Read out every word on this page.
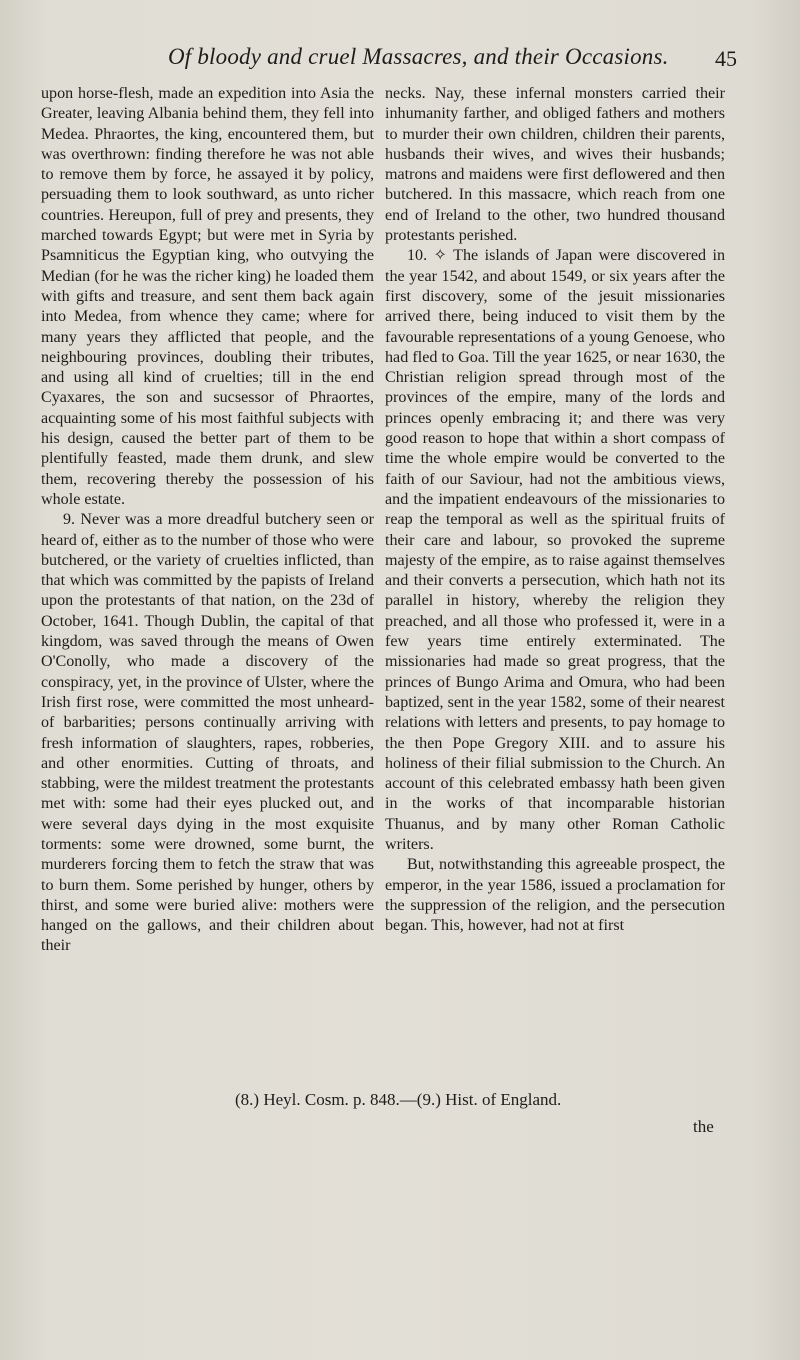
Of bloody and cruel Massacres, and their Occasions.	45

upon horse-flesh, made an expedition into Asia the Greater, leaving Albania behind them, they fell into Medea. Phraortes, the king, encountered them, but was overthrown: finding therefore he was not able to remove them by force, he assayed it by policy, persuading them to look southward, as unto richer countries. Hereupon, full of prey and presents, they marched towards Egypt; but were met in Syria by Psamniticus the Egyptian king, who outvying the Median (for he was the richer king) he loaded them with gifts and treasure, and sent them back again into Medea, from whence they came; where for many years they afflicted that people, and the neighbouring provinces, doubling their tributes, and using all kind of cruelties; till in the end Cyaxares, the son and sucsessor of Phraortes, acquainting some of his most faithful subjects with his design, caused the better part of them to be plentifully feasted, made them drunk, and slew them, recovering thereby the possession of his whole estate.

9. Never was a more dreadful butchery seen or heard of, either as to the number of those who were butchered, or the variety of cruelties inflicted, than that which was committed by the papists of Ireland upon the protestants of that nation, on the 23d of October, 1641. Though Dublin, the capital of that kingdom, was saved through the means of Owen O'Conolly, who made a discovery of the conspiracy, yet, in the province of Ulster, where the Irish first rose, were committed the most unheard-of barbarities; persons continually arriving with fresh information of slaughters, rapes, robberies, and other enormities. Cutting of throats, and stabbing, were the mildest treatment the protestants met with: some had their eyes plucked out, and were several days dying in the most exquisite torments: some were drowned, some burnt, the murderers forcing them to fetch the straw that was to burn them. Some perished by hunger, others by thirst, and some were buried alive: mothers were hanged on the gallows, and their children about their

necks. Nay, these infernal monsters carried their inhumanity farther, and obliged fathers and mothers to murder their own children, children their parents, husbands their wives, and wives their husbands; matrons and maidens were first deflowered and then butchered. In this massacre, which reach from one end of Ireland to the other, two hundred thousand protestants perished.

10. ✧ The islands of Japan were discovered in the year 1542, and about 1549, or six years after the first discovery, some of the jesuit missionaries arrived there, being induced to visit them by the favourable representations of a young Genoese, who had fled to Goa. Till the year 1625, or near 1630, the Christian religion spread through most of the provinces of the empire, many of the lords and princes openly embracing it; and there was very good reason to hope that within a short compass of time the whole empire would be converted to the faith of our Saviour, had not the ambitious views, and the impatient endeavours of the missionaries to reap the temporal as well as the spiritual fruits of their care and labour, so provoked the supreme majesty of the empire, as to raise against themselves and their converts a persecution, which hath not its parallel in history, whereby the religion they preached, and all those who professed it, were in a few years time entirely exterminated. The missionaries had made so great progress, that the princes of Bungo Arima and Omura, who had been baptized, sent in the year 1582, some of their nearest relations with letters and presents, to pay homage to the then Pope Gregory XIII. and to assure his holiness of their filial submission to the Church. An account of this celebrated embassy hath been given in the works of that incomparable historian Thuanus, and by many other Roman Catholic writers.

But, notwithstanding this agreeable prospect, the emperor, in the year 1586, issued a proclamation for the suppression of the religion, and the persecution began. This, however, had not at first

(8.) Heyl. Cosm. p. 848.—(9.) Hist. of England.
the
